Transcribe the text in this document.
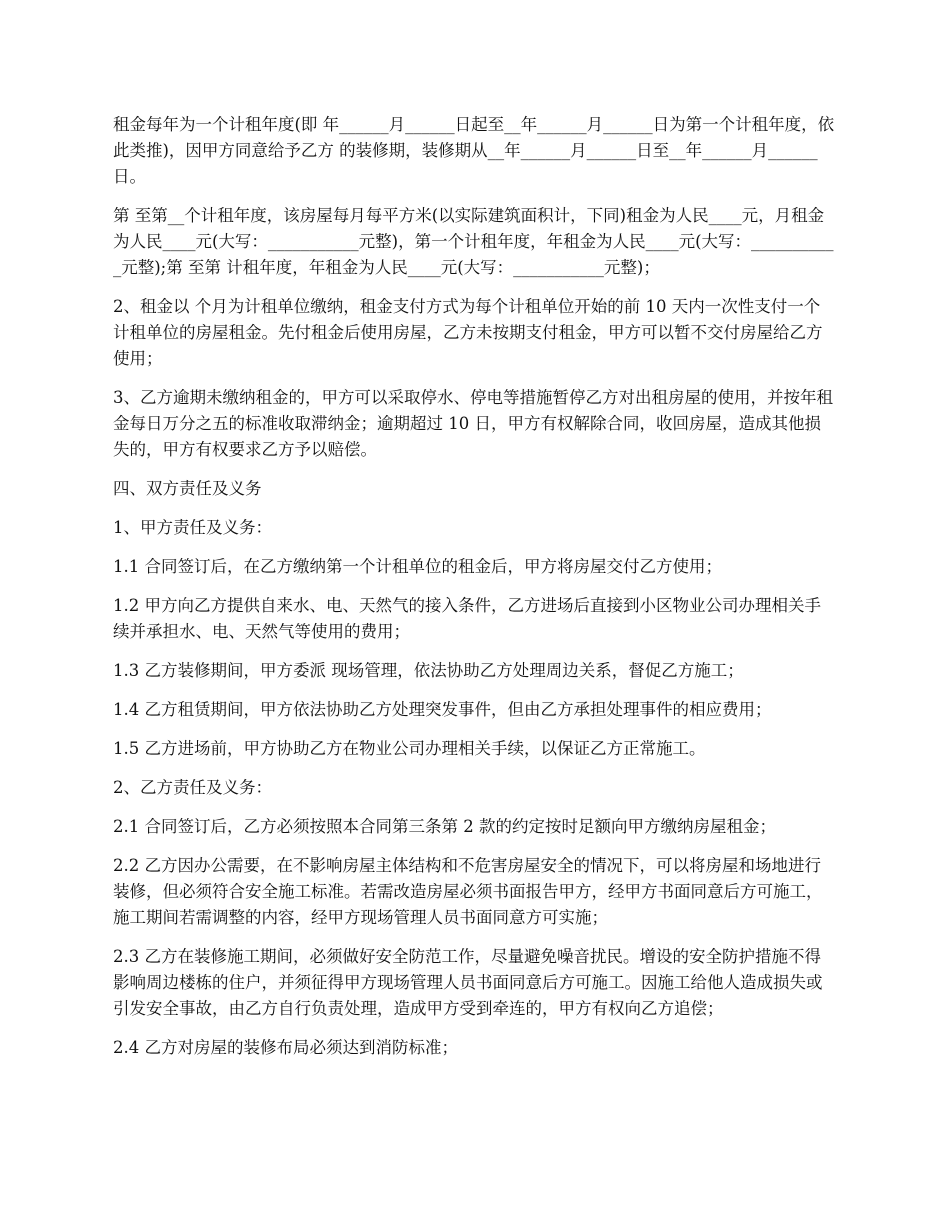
租金每年为一个计租年度(即 年______月______日起至__年______月______日为第一个计租年度，依此类推)，因甲方同意给予乙方 的装修期，装修期从__年______月______日至__年______月______日。

第 至第__个计租年度，该房屋每月每平方米(以实际建筑面积计，下同)租金为人民____元，月租金为人民____元(大写：___________元整)，第一个计租年度，年租金为人民____元(大写：___________元整);第 至第 计租年度，年租金为人民____元(大写：___________元整)；

2、租金以 个月为计租单位缴纳，租金支付方式为每个计租单位开始的前 10 天内一次性支付一个计租单位的房屋租金。先付租金后使用房屋，乙方未按期支付租金，甲方可以暂不交付房屋给乙方使用；

3、乙方逾期未缴纳租金的，甲方可以采取停水、停电等措施暂停乙方对出租房屋的使用，并按年租金每日万分之五的标准收取滞纳金；逾期超过 10 日，甲方有权解除合同，收回房屋，造成其他损失的，甲方有权要求乙方予以赔偿。

四、双方责任及义务

1、甲方责任及义务：

1.1 合同签订后，在乙方缴纳第一个计租单位的租金后，甲方将房屋交付乙方使用；

1.2 甲方向乙方提供自来水、电、天然气的接入条件，乙方进场后直接到小区物业公司办理相关手续并承担水、电、天然气等使用的费用；

1.3 乙方装修期间，甲方委派 现场管理，依法协助乙方处理周边关系，督促乙方施工；

1.4 乙方租赁期间，甲方依法协助乙方处理突发事件，但由乙方承担处理事件的相应费用；

1.5 乙方进场前，甲方协助乙方在物业公司办理相关手续，以保证乙方正常施工。

2、乙方责任及义务：

2.1 合同签订后，乙方必须按照本合同第三条第 2 款的约定按时足额向甲方缴纳房屋租金；

2.2 乙方因办公需要，在不影响房屋主体结构和不危害房屋安全的情况下，可以将房屋和场地进行装修，但必须符合安全施工标准。若需改造房屋必须书面报告甲方，经甲方书面同意后方可施工，施工期间若需调整的内容，经甲方现场管理人员书面同意方可实施；

2.3 乙方在装修施工期间，必须做好安全防范工作，尽量避免噪音扰民。增设的安全防护措施不得影响周边楼栋的住户，并须征得甲方现场管理人员书面同意后方可施工。因施工给他人造成损失或引发安全事故，由乙方自行负责处理，造成甲方受到牵连的，甲方有权向乙方追偿；

2.4 乙方对房屋的装修布局必须达到消防标准；
